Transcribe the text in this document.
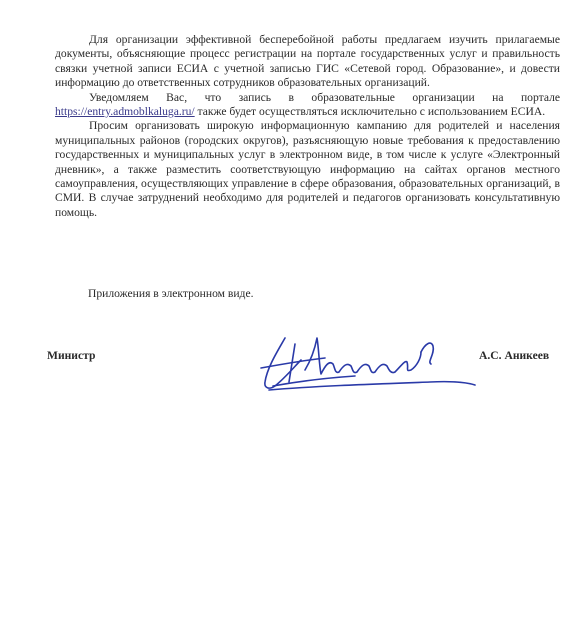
Для организации эффективной бесперебойной работы предлагаем изучить прилагаемые документы, объясняющие процесс регистрации на портале государственных услуг и правильность связки учетной записи ЕСИА с учетной записью ГИС «Сетевой город. Образование», и довести информацию до ответственных сотрудников образовательных организаций.

Уведомляем Вас, что запись в образовательные организации на портале https://entry.admoblkaluga.ru/ также будет осуществляться исключительно с использованием ЕСИА.

Просим организовать широкую информационную кампанию для родителей и населения муниципальных районов (городских округов), разъясняющую новые требования к предоставлению государственных и муниципальных услуг в электронном виде, в том числе к услуге «Электронный дневник», а также разместить соответствующую информацию на сайтах органов местного самоуправления, осуществляющих управление в сфере образования, образовательных организаций, в СМИ. В случае затруднений необходимо для родителей и педагогов организовать консультативную помощь.

Приложения в электронном виде.
Министр	А.С. Аникеев
